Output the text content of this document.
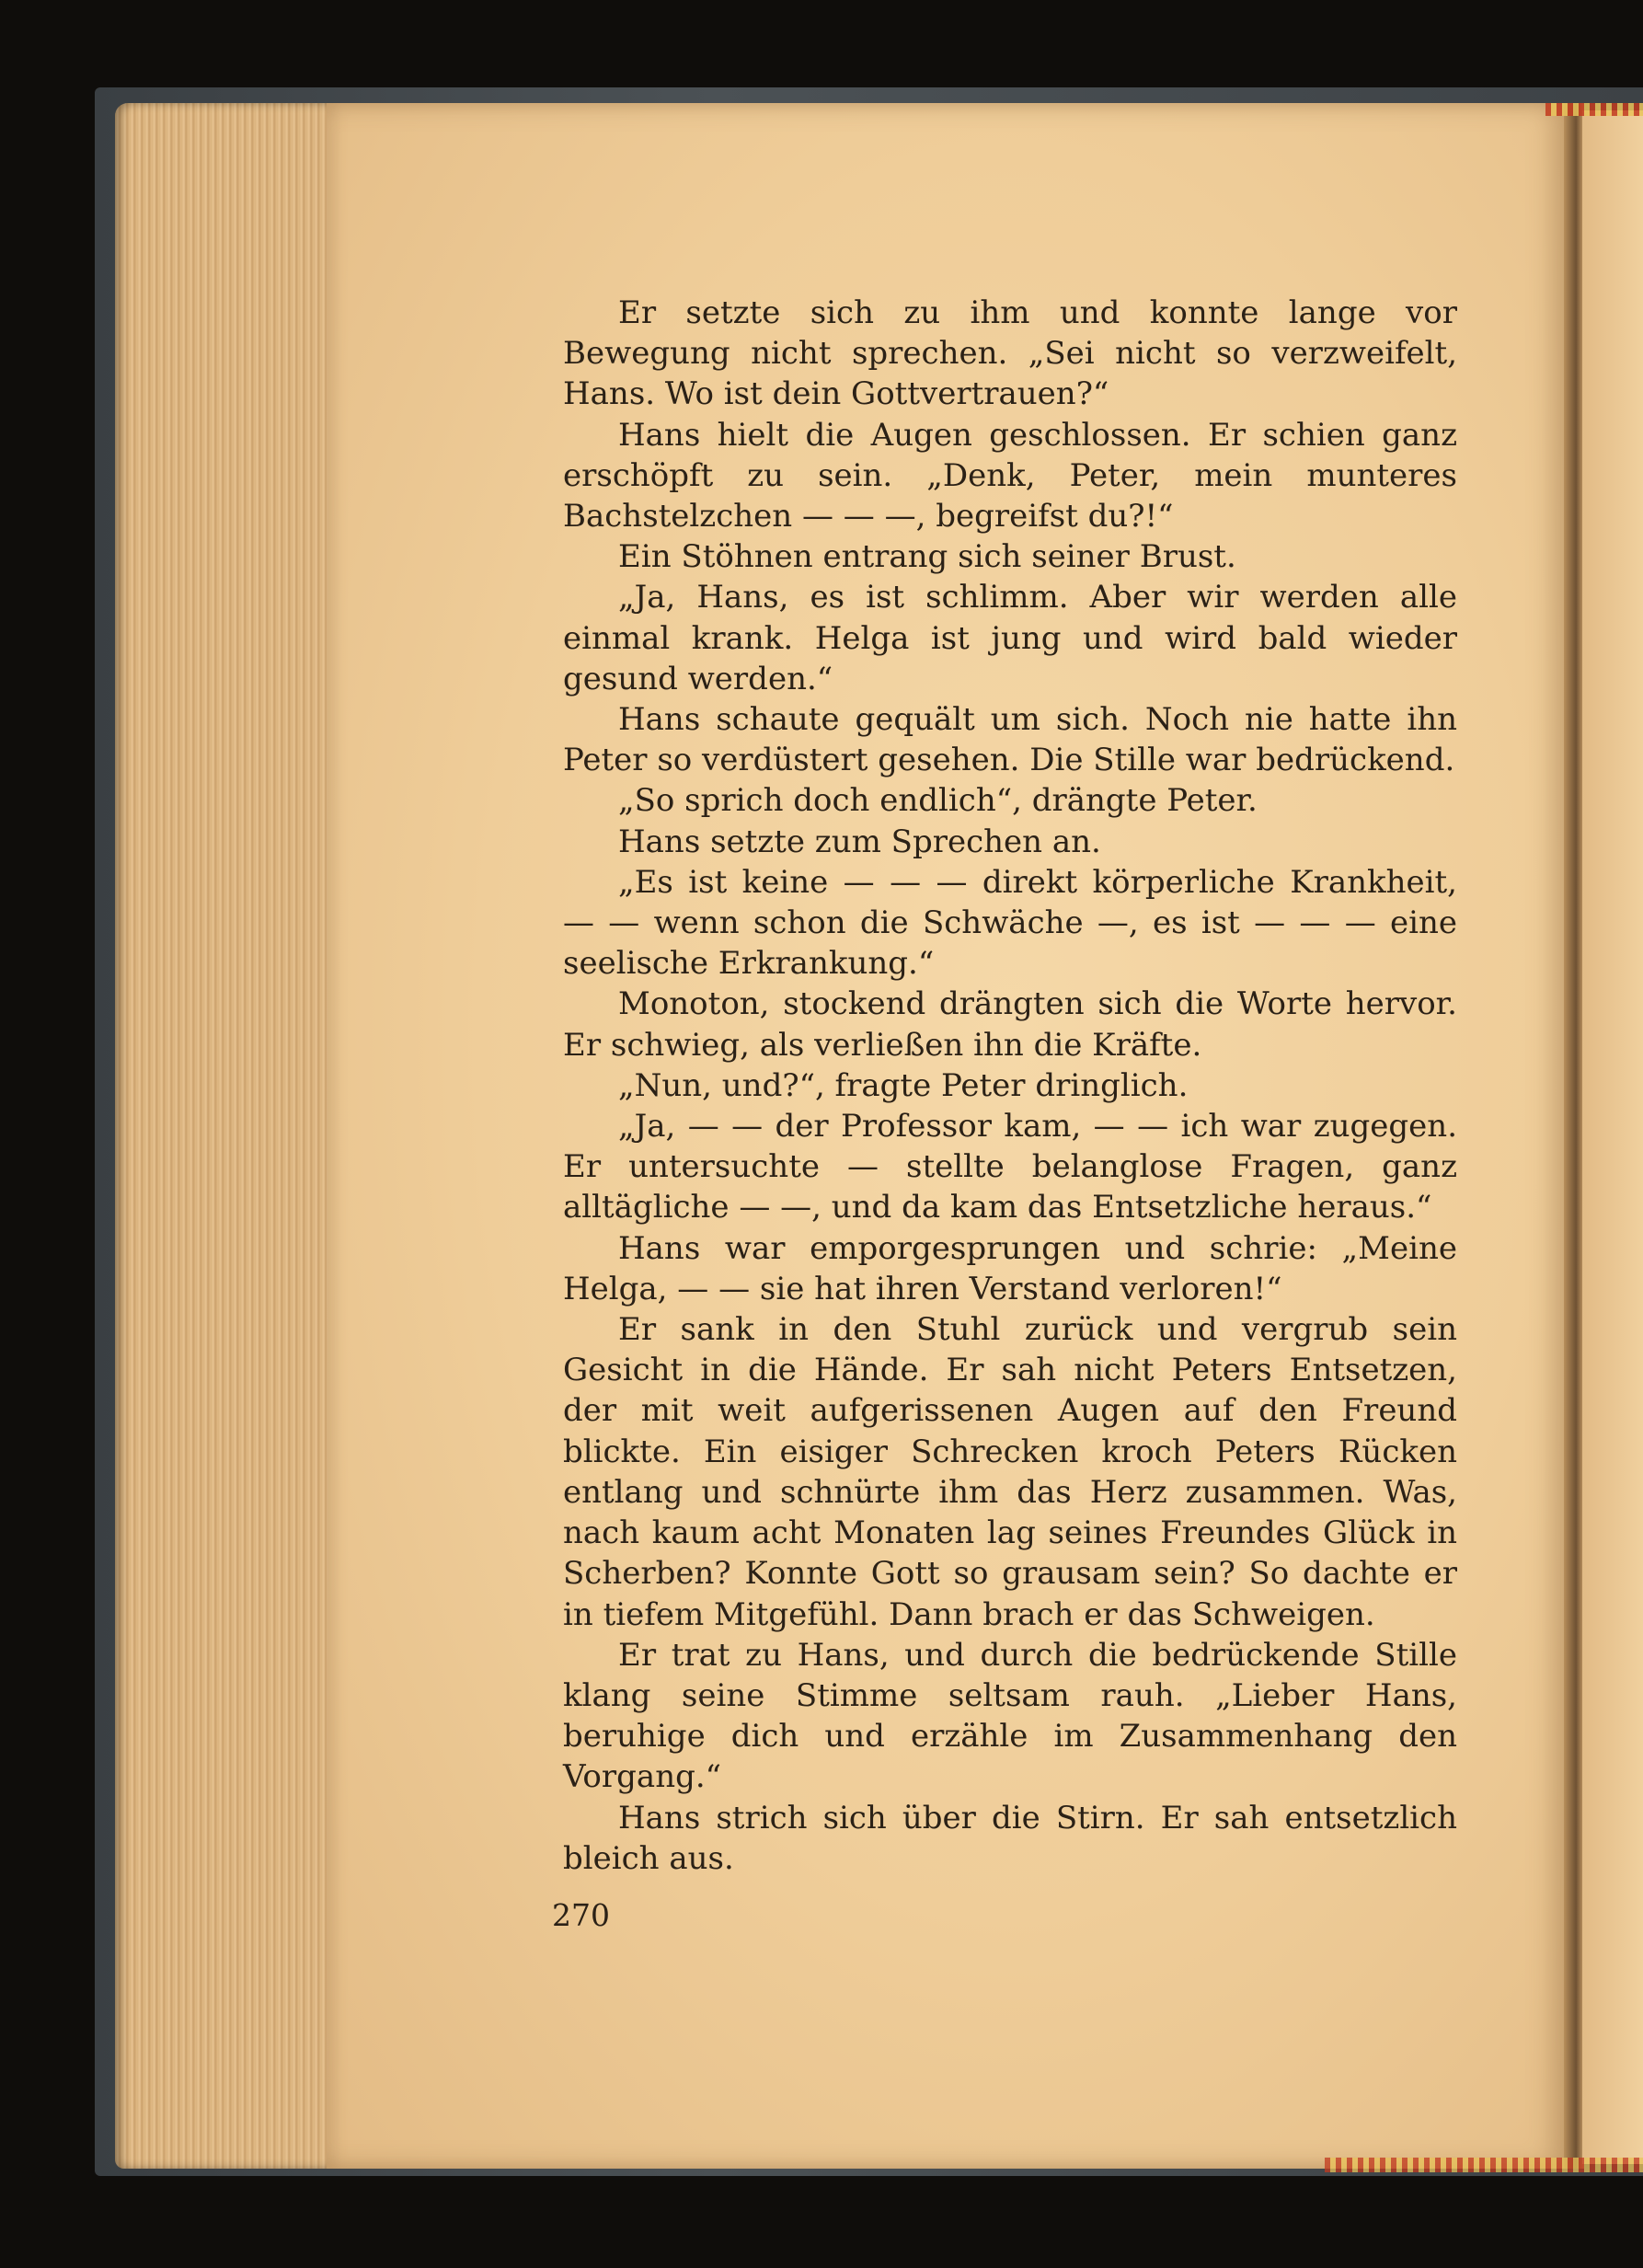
Er setzte sich zu ihm und konnte lange vor Bewegung nicht sprechen. „Sei nicht so verzweifelt, Hans. Wo ist dein Gottvertrauen?“

Hans hielt die Augen geschlossen. Er schien ganz erschöpft zu sein. „Denk, Peter, mein munteres Bachstelzchen — — —, begreifst du?!“

Ein Stöhnen entrang sich seiner Brust.

„Ja, Hans, es ist schlimm. Aber wir werden alle einmal krank. Helga ist jung und wird bald wieder gesund werden.“

Hans schaute gequält um sich. Noch nie hatte ihn Peter so verdüstert gesehen. Die Stille war bedrückend.

„So sprich doch endlich“, drängte Peter.

Hans setzte zum Sprechen an.

„Es ist keine — — — direkt körperliche Krankheit, — — wenn schon die Schwäche —, es ist — — — eine seelische Erkrankung.“

Monoton, stockend drängten sich die Worte hervor. Er schwieg, als verließen ihn die Kräfte.

„Nun, und?“, fragte Peter dringlich.

„Ja, — — der Professor kam, — — ich war zugegen. Er untersuchte — stellte belanglose Fragen, ganz alltägliche — —, und da kam das Entsetzliche heraus.“

Hans war emporgesprungen und schrie: „Meine Helga, — — sie hat ihren Verstand verloren!“

Er sank in den Stuhl zurück und vergrub sein Gesicht in die Hände. Er sah nicht Peters Entsetzen, der mit weit aufgerissenen Augen auf den Freund blickte. Ein eisiger Schrecken kroch Peters Rücken entlang und schnürte ihm das Herz zusammen. Was, nach kaum acht Monaten lag seines Freundes Glück in Scherben? Konnte Gott so grausam sein? So dachte er in tiefem Mitgefühl. Dann brach er das Schweigen.

Er trat zu Hans, und durch die bedrückende Stille klang seine Stimme seltsam rauh. „Lieber Hans, beruhige dich und erzähle im Zusammenhang den Vorgang.“

Hans strich sich über die Stirn. Er sah entsetzlich bleich aus.

270
